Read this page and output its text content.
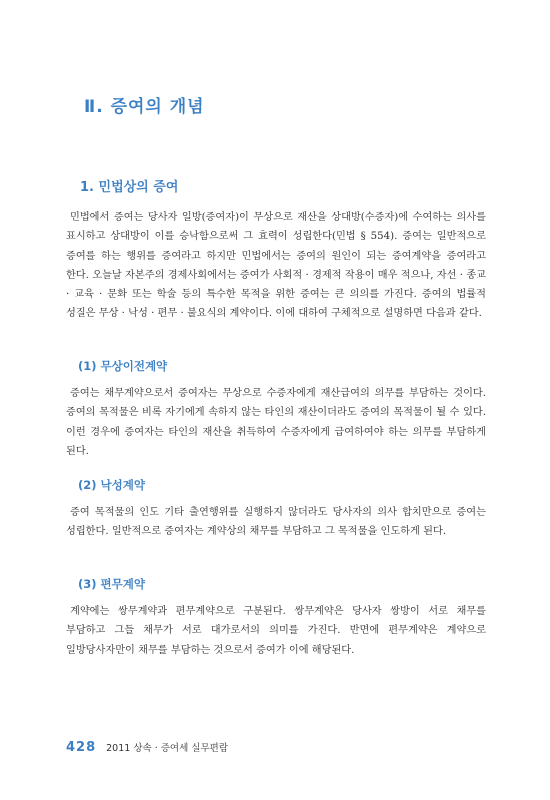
Ⅱ. 증여의 개념
1. 민법상의 증여

민법에서 증여는 당사자 일방(증여자)이 무상으로 재산을 상대방(수증자)에 수여하는 의사를 표시하고 상대방이 이를 승낙함으로써 그 효력이 성립한다(민법 § 554). 증여는 일반적으로 증여를 하는 행위를 증여라고 하지만 민법에서는 증여의 원인이 되는 증여계약을 증여라고 한다. 오늘날 자본주의 경제사회에서는 증여가 사회적 · 경제적 작용이 매우 적으나, 자선 · 종교 · 교육 · 문화 또는 학술 등의 특수한 목적을 위한 증여는 큰 의의를 가진다. 증여의 법률적 성질은 무상 · 낙성 · 편무 · 불요식의 계약이다. 이에 대하여 구체적으로 설명하면 다음과 같다.

(1) 무상이전계약

증여는 채무계약으로서 증여자는 무상으로 수증자에게 재산급여의 의무를 부담하는 것이다. 증여의 목적물은 비록 자기에게 속하지 않는 타인의 재산이더라도 증여의 목적물이 될 수 있다. 이런 경우에 증여자는 타인의 재산을 취득하여 수증자에게 급여하여야 하는 의무를 부담하게 된다.

(2) 낙성계약

증여 목적물의 인도 기타 출연행위를 실행하지 않더라도 당사자의 의사 합치만으로 증여는 성립한다. 일반적으로 증여자는 계약상의 채무를 부담하고 그 목적물을 인도하게 된다.

(3) 편무계약

계약에는 쌍무계약과 편무계약으로 구분된다. 쌍무계약은 당사자 쌍방이 서로 채무를 부담하고 그들 채무가 서로 대가로서의 의미를 가진다. 반면에 편무계약은 계약으로 일방당사자만이 채무를 부담하는 것으로서 증여가 이에 해당된다.

428 2011 상속 · 증여세 실무편람
